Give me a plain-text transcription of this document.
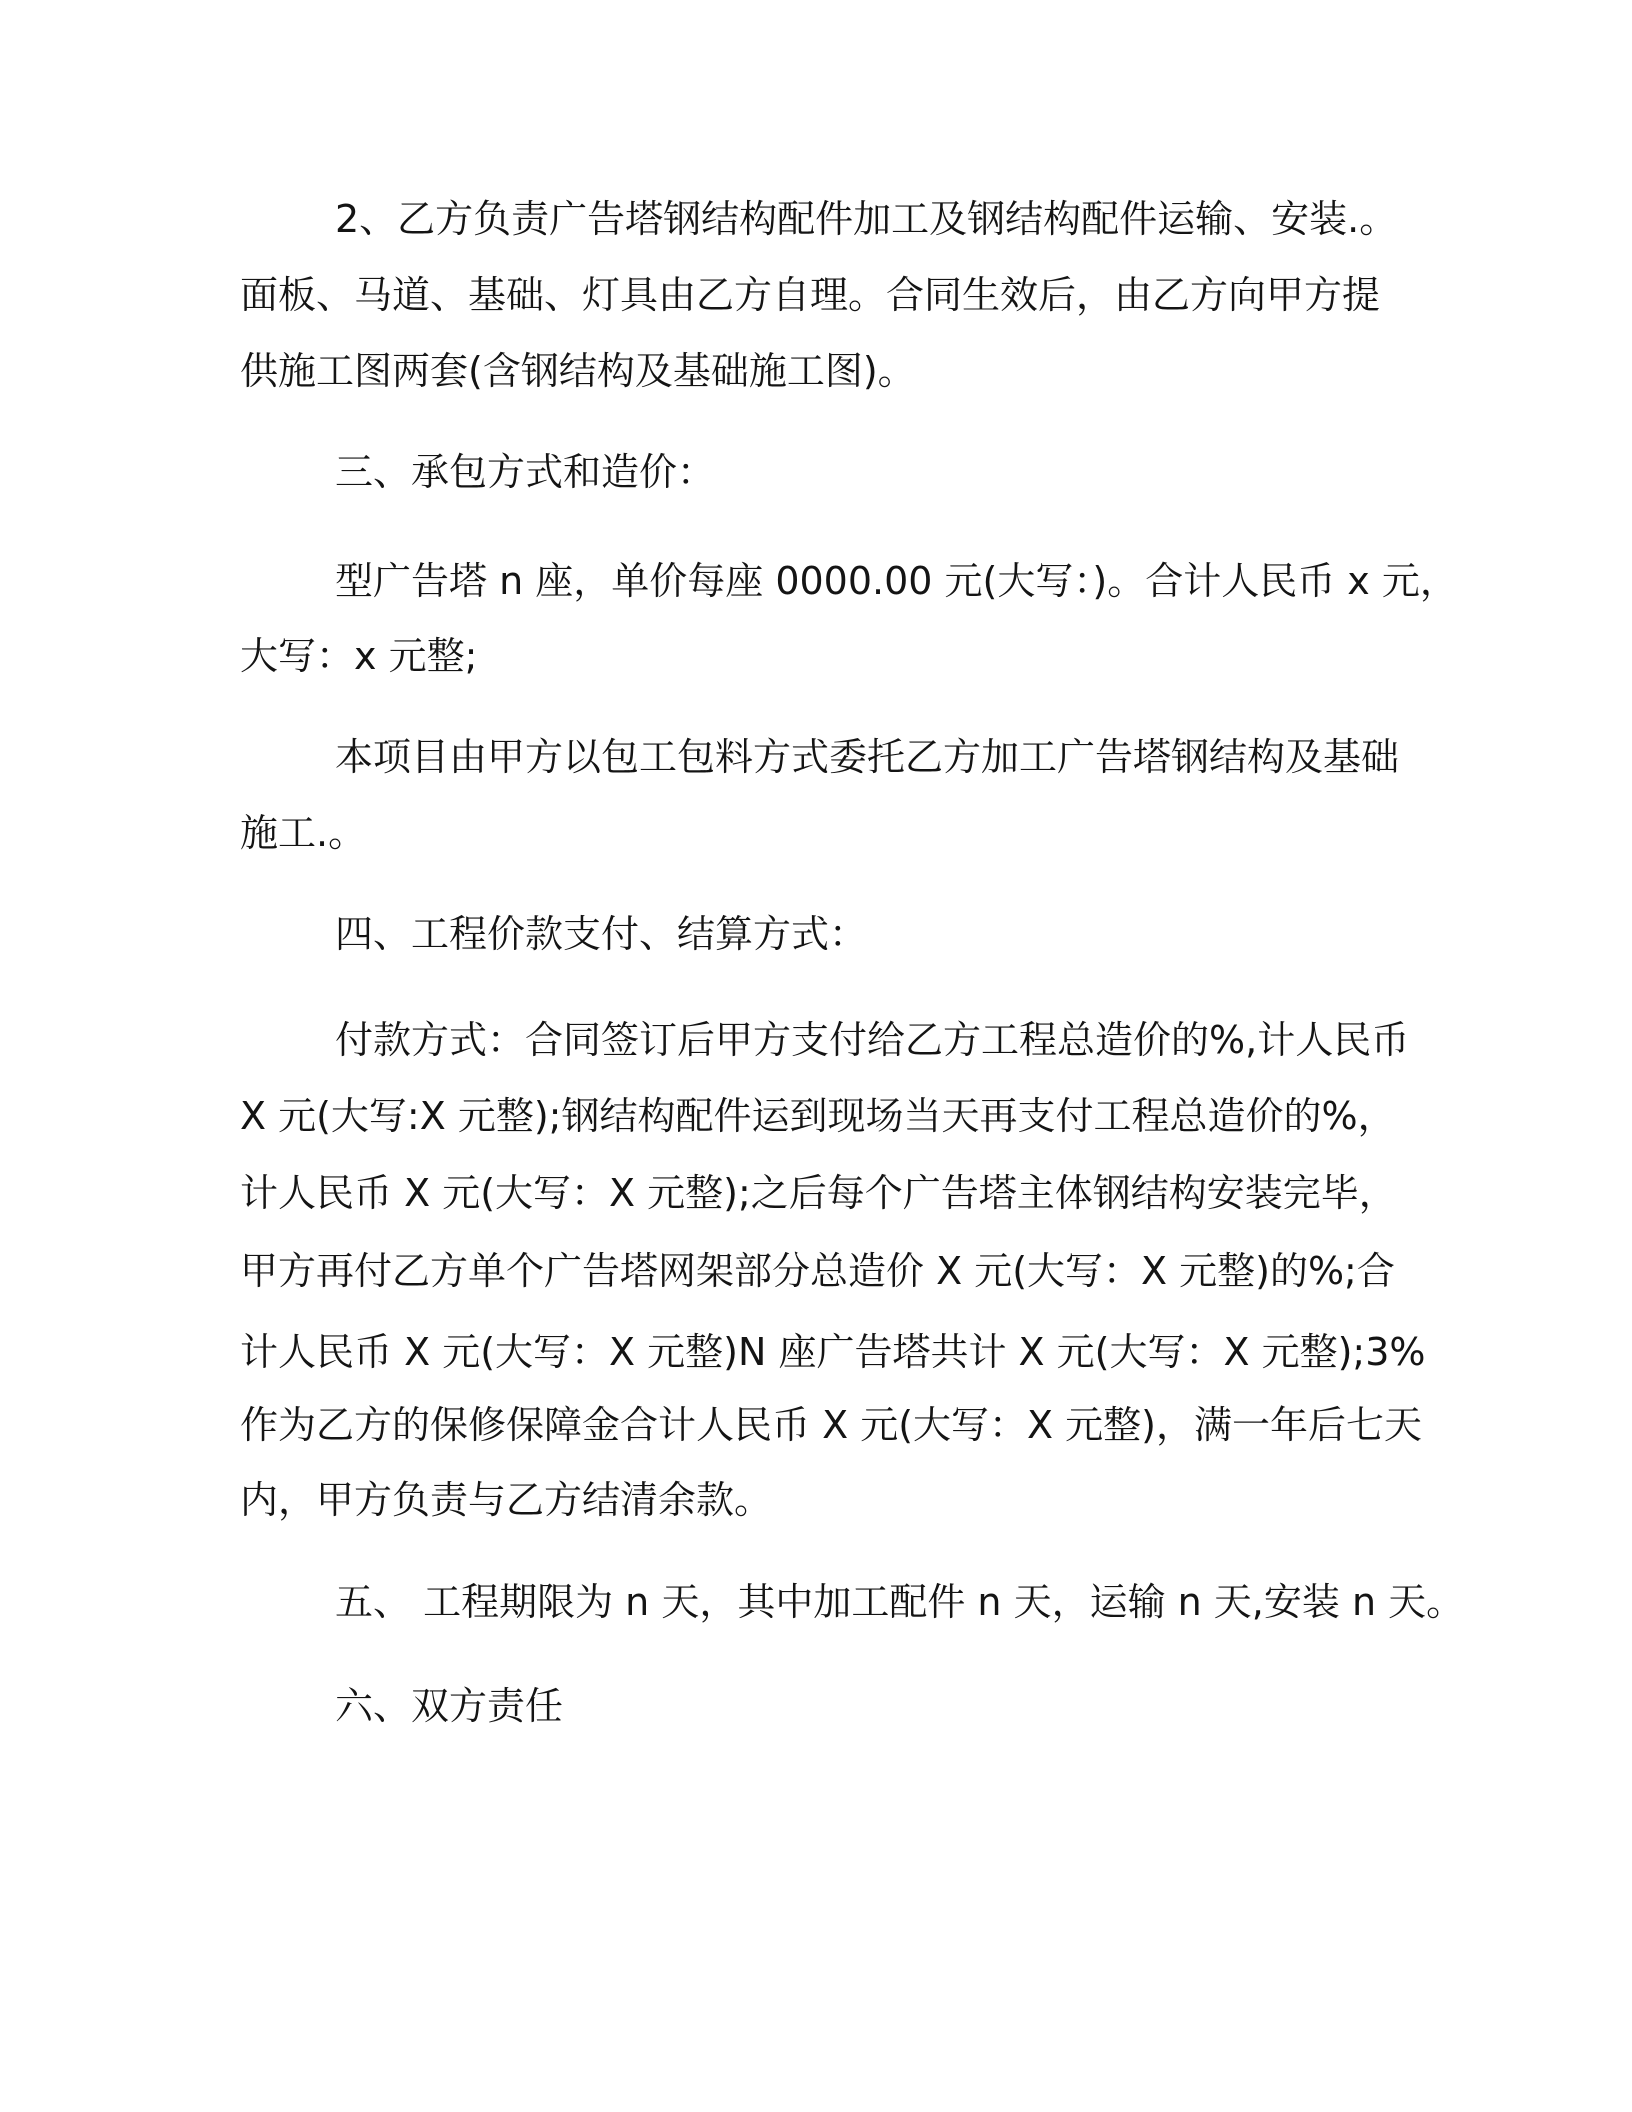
2、乙方负责广告塔钢结构配件加工及钢结构配件运输、安装.。
面板、马道、基础、灯具由乙方自理。合同生效后，由乙方向甲方提
供施工图两套(含钢结构及基础施工图)。
三、承包方式和造价：
型广告塔 n 座，单价每座 0000.00 元(大写：)。合计人民币 x 元，
大写：x 元整;
本项目由甲方以包工包料方式委托乙方加工广告塔钢结构及基础
施工.。
四、工程价款支付、结算方式：
付款方式：合同签订后甲方支付给乙方工程总造价的%,计人民币
X 元(大写:X 元整);钢结构配件运到现场当天再支付工程总造价的%，
计人民币 X 元(大写：X 元整);之后每个广告塔主体钢结构安装完毕，
甲方再付乙方单个广告塔网架部分总造价 X 元(大写：X 元整)的%;合
计人民币 X 元(大写：X 元整)N 座广告塔共计 X 元(大写：X 元整);3%
作为乙方的保修保障金合计人民币 X 元(大写：X 元整)，满一年后七天
内，甲方负责与乙方结清余款。
五、 工程期限为 n 天，其中加工配件 n 天，运输 n 天,安装 n 天。
六、双方责任
